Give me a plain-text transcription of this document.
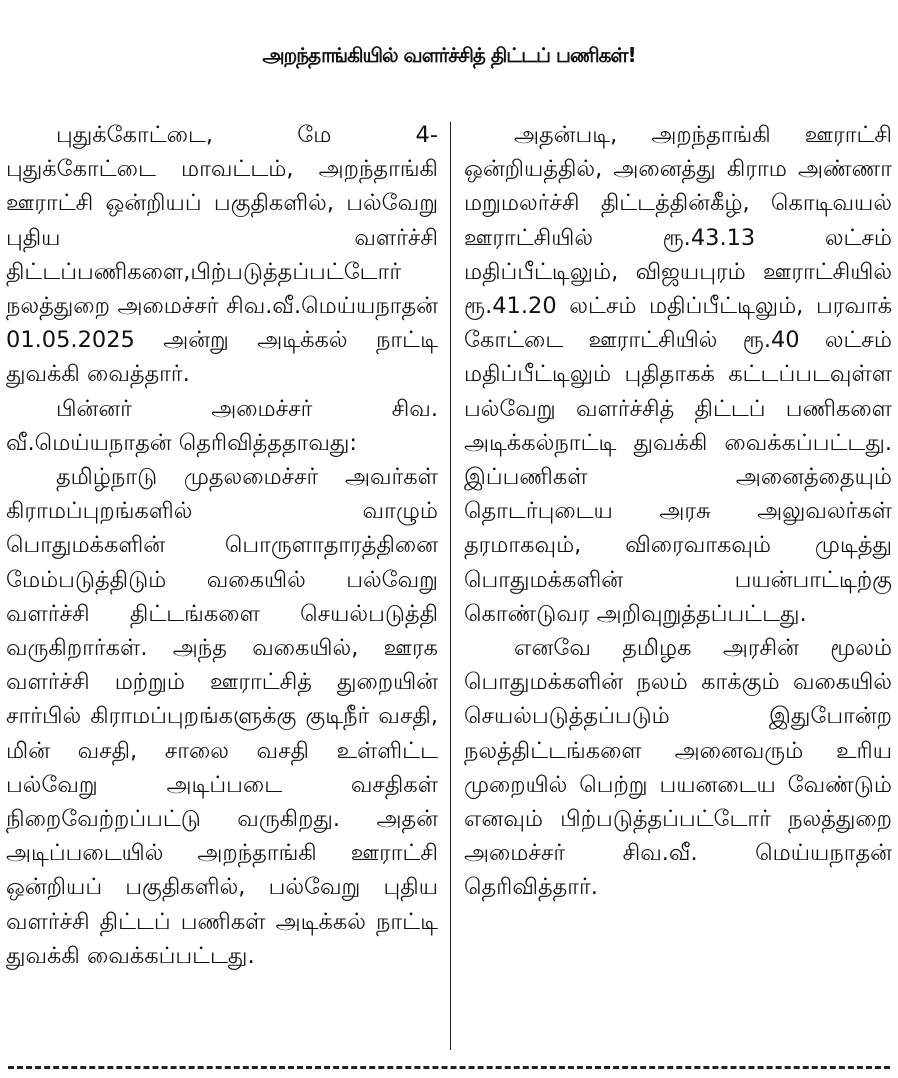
அறந்தாங்கியில் வளர்ச்சித் திட்டப் பணிகள்!

புதுக்கோட்டை, மே 4- புதுக்கோட்டை மாவட்டம், அறந்தாங்கி ஊராட்சி ஒன்றியப் பகுதிகளில், பல்வேறு புதிய வளர்ச்சி திட்டப்பணிகளை,பிற்படுத்தப்பட்டோர் நலத்துறை அமைச்சர் சிவ.வீ.மெய்யநாதன் 01.05.2025 அன்று அடிக்கல் நாட்டி துவக்கி வைத்தார்.

பின்னர் அமைச்சர் சிவ. வீ.மெய்யநாதன் தெரிவித்ததாவது:

தமிழ்நாடு முதலமைச்சர் அவர்கள் கிராமப்புறங்களில் வாழும் பொதுமக்களின் பொருளாதாரத்தினை மேம்படுத்திடும் வகையில் பல்வேறு வளர்ச்சி திட்டங்களை செயல்படுத்தி வருகிறார்கள். அந்த வகையில், ஊரக வளர்ச்சி மற்றும் ஊராட்சித் துறையின் சார்பில் கிராமப்புறங்களுக்கு குடிநீர் வசதி, மின் வசதி, சாலை வசதி உள்ளிட்ட பல்வேறு அடிப்படை வசதிகள் நிறைவேற்றப்பட்டு வருகிறது. அதன் அடிப்படையில் அறந்தாங்கி ஊராட்சி ஒன்றியப் பகுதிகளில், பல்வேறு புதிய வளர்ச்சி திட்டப் பணிகள் அடிக்கல் நாட்டி துவக்கி வைக்கப்பட்டது.

அதன்படி, அறந்தாங்கி ஊராட்சி ஒன்றியத்தில், அனைத்து கிராம அண்ணா மறுமலர்ச்சி திட்டத்தின்கீழ், கொடிவயல் ஊராட்சியில் ரூ.43.13 லட்சம் மதிப்பீட்டிலும், விஜயபுரம் ஊராட்சியில் ரூ.41.20 லட்சம் மதிப்பீட்டிலும், பரவாக் கோட்டை ஊராட்சியில் ரூ.40 லட்சம் மதிப்பீட்டிலும் புதிதாகக் கட்டப்படவுள்ள பல்வேறு வளர்ச்சித் திட்டப் பணிகளை அடிக்கல்நாட்டி துவக்கி வைக்கப்பட்டது. இப்பணிகள் அனைத்தையும் தொடர்புடைய அரசு அலுவலர்கள் தரமாகவும், விரைவாகவும் முடித்து பொதுமக்களின் பயன்பாட்டிற்கு கொண்டுவர அறிவுறுத்தப்பட்டது.

எனவே தமிழக அரசின் மூலம் பொதுமக்களின் நலம் காக்கும் வகையில் செயல்படுத்தப்படும் இதுபோன்ற நலத்திட்டங்களை அனைவரும் உரிய முறையில் பெற்று பயனடைய வேண்டும் எனவும் பிற்படுத்தப்பட்டோர் நலத்துறை அமைச்சர் சிவ.வீ. மெய்யநாதன் தெரிவித்தார்.
